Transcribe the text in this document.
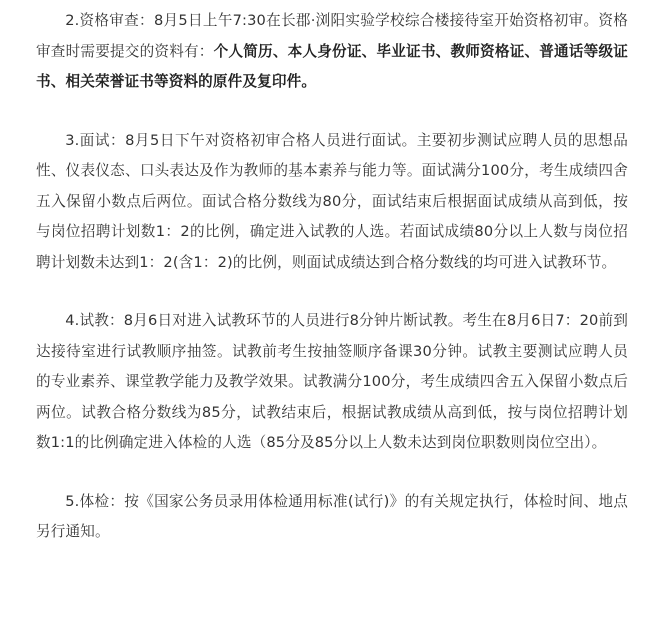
2.资格审查：8月5日上午7:30在长郡·浏阳实验学校综合楼接待室开始资格初审。资格审查时需要提交的资料有：个人简历、本人身份证、毕业证书、教师资格证、普通话等级证书、相关荣誉证书等资料的原件及复印件。

3.面试：8月5日下午对资格初审合格人员进行面试。主要初步测试应聘人员的思想品性、仪表仪态、口头表达及作为教师的基本素养与能力等。面试满分100分，考生成绩四舍五入保留小数点后两位。面试合格分数线为80分，面试结束后根据面试成绩从高到低，按与岗位招聘计划数1：2的比例，确定进入试教的人选。若面试成绩80分以上人数与岗位招聘计划数未达到1：2(含1：2)的比例，则面试成绩达到合格分数线的均可进入试教环节。

4.试教：8月6日对进入试教环节的人员进行8分钟片断试教。考生在8月6日7：20前到达接待室进行试教顺序抽签。试教前考生按抽签顺序备课30分钟。试教主要测试应聘人员的专业素养、课堂教学能力及教学效果。试教满分100分，考生成绩四舍五入保留小数点后两位。试教合格分数线为85分，试教结束后，根据试教成绩从高到低，按与岗位招聘计划数1:1的比例确定进入体检的人选（85分及85分以上人数未达到岗位职数则岗位空出）。

5.体检：按《国家公务员录用体检通用标准(试行)》的有关规定执行，体检时间、地点另行通知。
